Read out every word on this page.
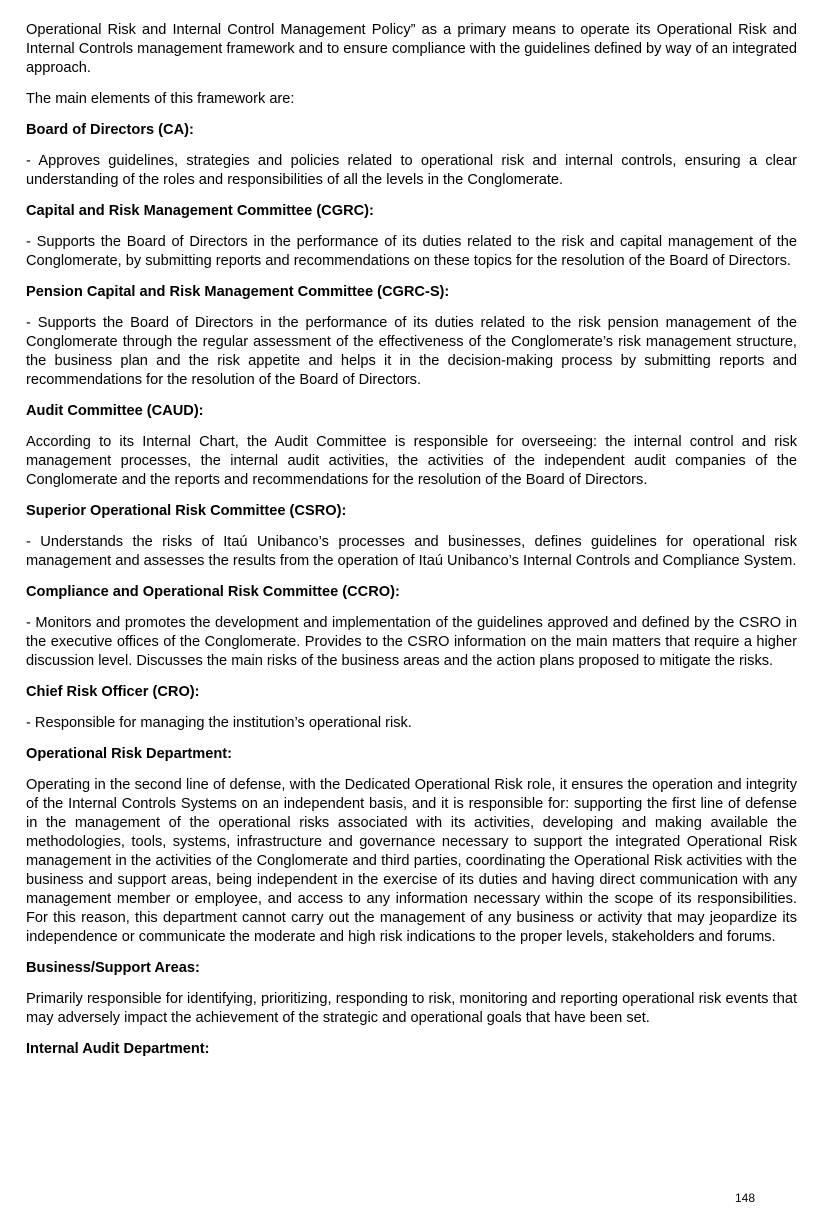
Operational Risk and Internal Control Management Policy” as a primary means to operate its Operational Risk and Internal Controls management framework and to ensure compliance with the guidelines defined by way of an integrated approach.

The main elements of this framework are:

Board of Directors (CA):

- Approves guidelines, strategies and policies related to operational risk and internal controls, ensuring a clear understanding of the roles and responsibilities of all the levels in the Conglomerate.

Capital and Risk Management Committee (CGRC):

- Supports the Board of Directors in the performance of its duties related to the risk and capital management of the Conglomerate, by submitting reports and recommendations on these topics for the resolution of the Board of Directors.

Pension Capital and Risk Management Committee (CGRC-S):

- Supports the Board of Directors in the performance of its duties related to the risk pension management of the Conglomerate through the regular assessment of the effectiveness of the Conglomerate’s risk management structure, the business plan and the risk appetite and helps it in the decision-making process by submitting reports and recommendations for the resolution of the Board of Directors.

Audit Committee (CAUD):

According to its Internal Chart, the Audit Committee is responsible for overseeing: the internal control and risk management processes, the internal audit activities, the activities of the independent audit companies of the Conglomerate and the reports and recommendations for the resolution of the Board of Directors.

Superior Operational Risk Committee (CSRO):

- Understands the risks of Itaú Unibanco’s processes and businesses, defines guidelines for operational risk management and assesses the results from the operation of Itaú Unibanco’s Internal Controls and Compliance System.

Compliance and Operational Risk Committee (CCRO):

- Monitors and promotes the development and implementation of the guidelines approved and defined by the CSRO in the executive offices of the Conglomerate. Provides to the CSRO information on the main matters that require a higher discussion level. Discusses the main risks of the business areas and the action plans proposed to mitigate the risks.

Chief Risk Officer (CRO):

- Responsible for managing the institution’s operational risk.

Operational Risk Department:

Operating in the second line of defense, with the Dedicated Operational Risk role, it ensures the operation and integrity of the Internal Controls Systems on an independent basis, and it is responsible for: supporting the first line of defense in the management of the operational risks associated with its activities, developing and making available the methodologies, tools, systems, infrastructure and governance necessary to support the integrated Operational Risk management in the activities of the Conglomerate and third parties, coordinating the Operational Risk activities with the business and support areas, being independent in the exercise of its duties and having direct communication with any management member or employee, and access to any information necessary within the scope of its responsibilities. For this reason, this department cannot carry out the management of any business or activity that may jeopardize its independence or communicate the moderate and high risk indications to the proper levels, stakeholders and forums.

Business/Support Areas:

Primarily responsible for identifying, prioritizing, responding to risk, monitoring and reporting operational risk events that may adversely impact the achievement of the strategic and operational goals that have been set.

Internal Audit Department:
148
